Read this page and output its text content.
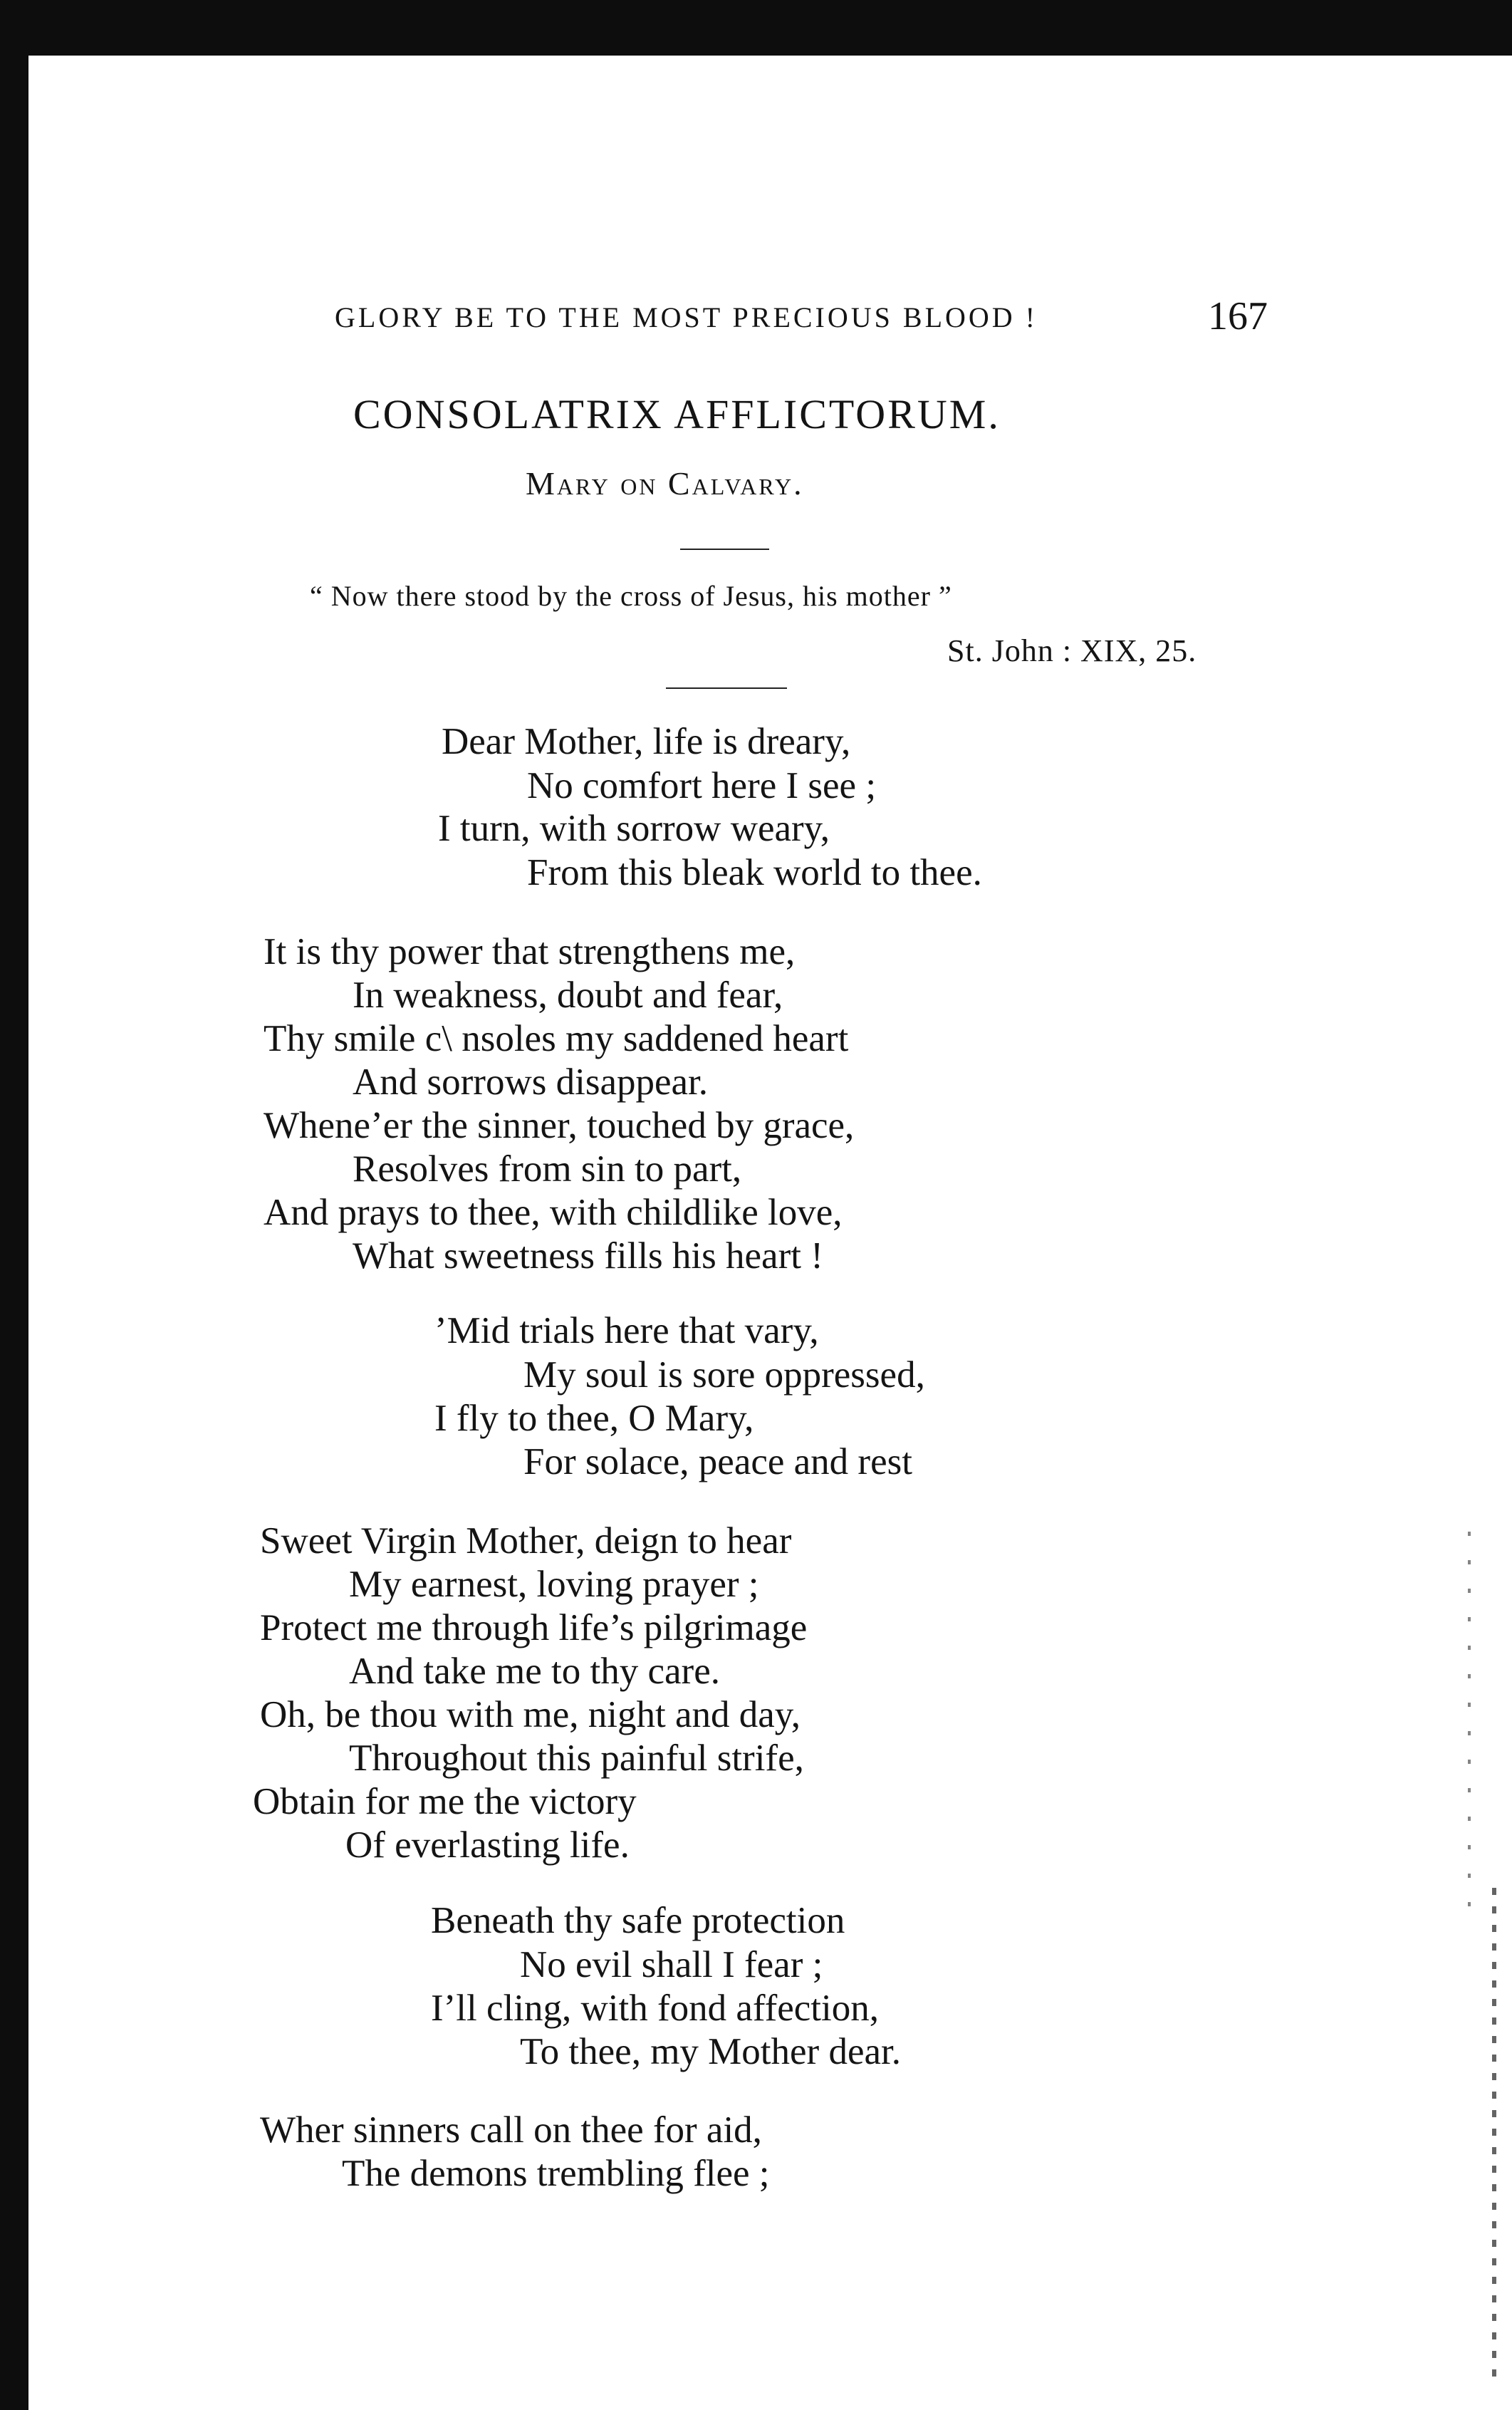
GLORY BE TO THE MOST PRECIOUS BLOOD !	167
CONSOLATRIX AFFLICTORUM.
Mary on Calvary.
“ Now there stood by the cross of Jesus, his mother ”
St. John : XIX, 25.
Dear Mother, life is dreary,
No comfort here I see ;
I turn, with sorrow weary,
From this bleak world to thee.
It is thy power that strengthens me,
In weakness, doubt and fear,
Thy smile c\ nsoles my saddened heart
And sorrows disappear.
Whene’er the sinner, touched by grace,
Resolves from sin to part,
And prays to thee, with childlike love,
What sweetness fills his heart !
’Mid trials here that vary,
My soul is sore oppressed,
I fly to thee, O Mary,
For solace, peace and rest
Sweet Virgin Mother, deign to hear
My earnest, loving prayer ;
Protect me through life’s pilgrimage
And take me to thy care.
Oh, be thou with me, night and day,
Throughout this painful strife,
Obtain for me the victory
Of everlasting life.
Beneath thy safe protection
No evil shall I fear ;
I’ll cling, with fond affection,
To thee, my Mother dear.
Wher sinners call on thee for aid,
The demons trembling flee ;
